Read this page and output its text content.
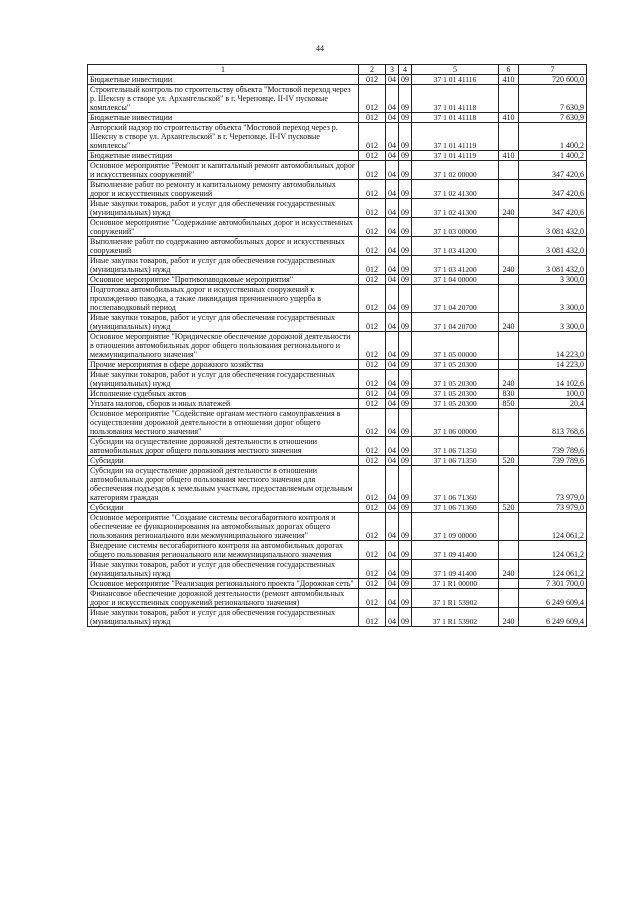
44
1	2	3	4	5	6	7
Бюджетные инвестиции	012	04	09	37 1 01 41116	410	720 600,0
Строительный контроль по строительству объекта "Мостовой переход через р. Шексну в створе ул. Архангельской" в г. Череповце. II-IV пусковые комплексы"	012	04	09	37 1 01 41118		7 630,9
Бюджетные инвестиции	012	04	09	37 1 01 41118	410	7 630,9
Авторский надзор по строительству объекта "Мостовой переход через р. Шексну в створе ул. Архангельской" в г. Череповце. II-IV пусковые комплексы"	012	04	09	37 1 01 41119		1 400,2
Бюджетные инвестиции	012	04	09	37 1 01 41119	410	1 400,2
Основное мероприятие "Ремонт и капитальный ремонт автомобильных дорог и искусственных сооружений"	012	04	09	37 1 02 00000		347 420,6
Выполнение работ по ремонту и капитальному ремонту автомобильных дорог и искусственных сооружений	012	04	09	37 1 02 41300		347 420,6
Иные закупки товаров, работ и услуг для обеспечения государственных (муниципальных) нужд	012	04	09	37 1 02 41300	240	347 420,6
Основное мероприятие "Содержание автомобильных дорог и искусственных сооружений"	012	04	09	37 1 03 00000		3 081 432,0
Выполнение работ по содержанию автомобильных дорог и искусственных сооружений	012	04	09	37 1 03 41200		3 081 432,0
Иные закупки товаров, работ и услуг для обеспечения государственных (муниципальных) нужд	012	04	09	37 1 03 41200	240	3 081 432,0
Основное мероприятие "Противопаводковые мероприятия"	012	04	09	37 1 04 00000		3 300,0
Подготовка автомобильных дорог и искусственных сооружений к прохождению паводка, а также ликвидация причиненного ущерба в послепаводковый период	012	04	09	37 1 04 20700		3 300,0
Иные закупки товаров, работ и услуг для обеспечения государственных (муниципальных) нужд	012	04	09	37 1 04 20700	240	3 300,0
Основное мероприятие "Юридическое обеспечение дорожной деятельности в отношении автомобильных дорог общего пользования регионального и межмуниципального значения"	012	04	09	37 1 05 00000		14 223,0
Прочие мероприятия в сфере дорожного хозяйства	012	04	09	37 1 05 20300		14 223,0
Иные закупки товаров, работ и услуг для обеспечения государственных (муниципальных) нужд	012	04	09	37 1 05 20300	240	14 102,6
Исполнение судебных актов	012	04	09	37 1 05 20300	830	100,0
Уплата налогов, сборов и иных платежей	012	04	09	37 1 05 20300	850	20,4
Основное мероприятие "Содействие органам местного самоуправления в осуществлении дорожной деятельности в отношении дорог общего пользования местного значения"	012	04	09	37 1 06 00000		813 768,6
Субсидии на осуществление дорожной деятельности в отношении автомобильных дорог общего пользования местного значения	012	04	09	37 1 06 71350		739 789,6
Субсидии	012	04	09	37 1 06 71350	520	739 789,6
Субсидии на осуществление дорожной деятельности в отношении автомобильных дорог общего пользования местного значения для обеспечения подъездов к земельным участкам, предоставляемым отдельным категориям граждан	012	04	09	37 1 06 71360		73 979,0
Субсидии	012	04	09	37 1 06 71360	520	73 979,0
Основное мероприятие "Создание системы весогабаритного контроля и обеспечение ее функционирования на автомобильных дорогах общего пользования регионального или межмуниципального значения"	012	04	09	37 1 09 00000		124 061,2
Внедрение системы весогабаритного контроля на автомобильных дорогах общего пользования регионального или межмуниципального значения	012	04	09	37 1 09 41400		124 061,2
Иные закупки товаров, работ и услуг для обеспечения государственных (муниципальных) нужд	012	04	09	37 1 09 41400	240	124 061,2
Основное мероприятие "Реализация регионального проекта "Дорожная сеть"	012	04	09	37 1 R1 00000		7 301 700,0
Финансовое обеспечение дорожной деятельности (ремонт автомобильных дорог и искусственных сооружений регионального значения)	012	04	09	37 1 R1 53902		6 249 609,4
Иные закупки товаров, работ и услуг для обеспечения государственных (муниципальных) нужд	012	04	09	37 1 R1 53902	240	6 249 609,4
